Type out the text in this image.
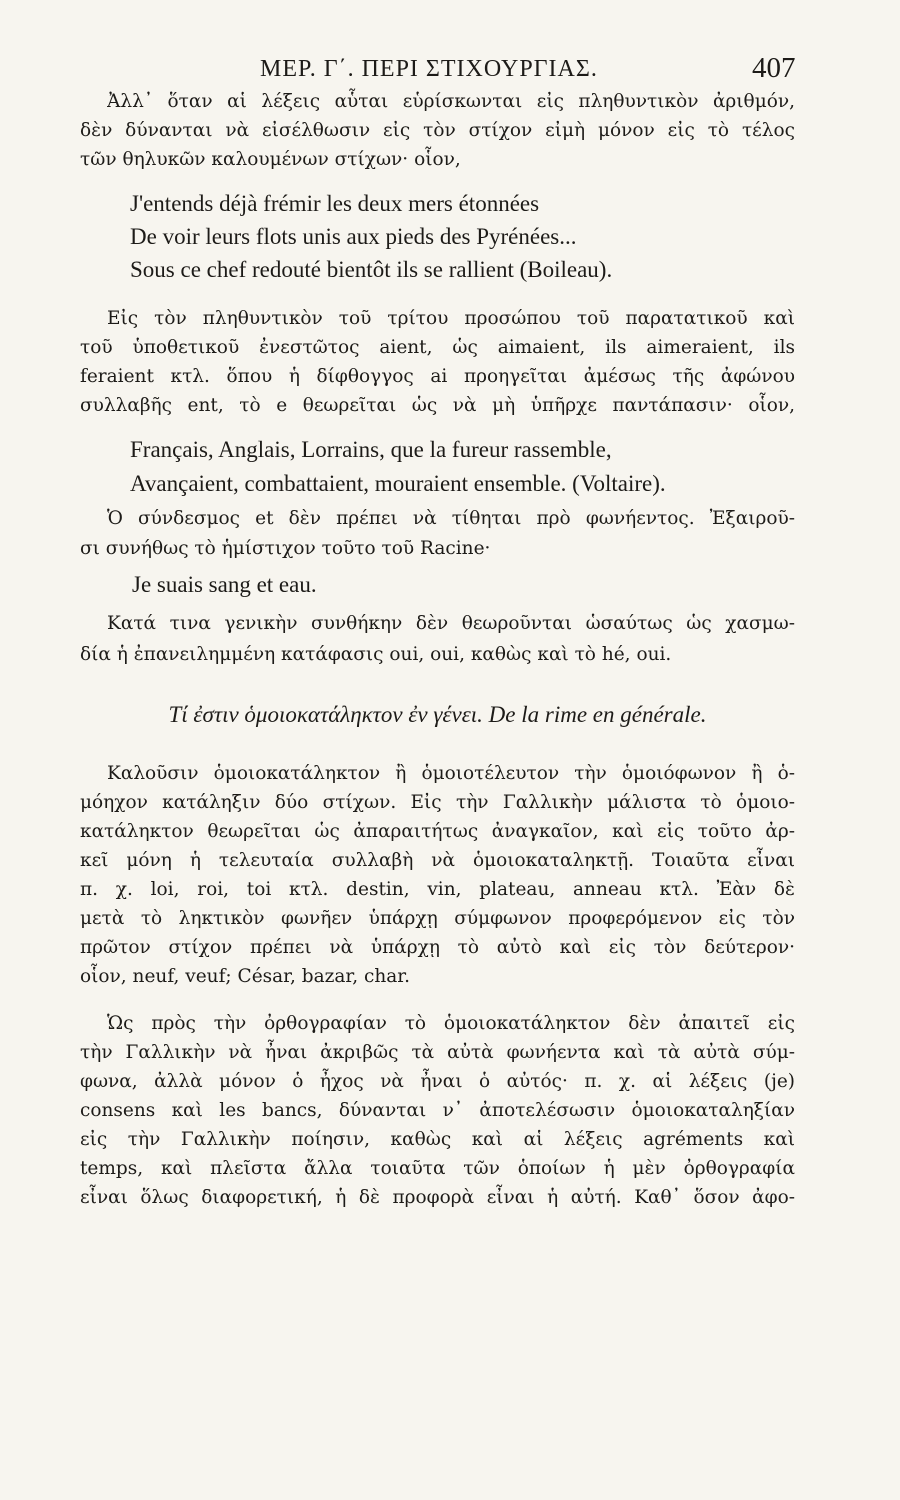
ΜΕΡ. Γ΄. ΠΕΡΙ ΣΤΙΧΟΥΡΓΙΑΣ.	407
Ἀλλ᾽ ὅταν αἱ λέξεις αὗται εὑρίσκωνται εἰς πληθυντικὸν ἀριθμόν,
δὲν δύνανται νὰ εἰσέλθωσιν εἰς τὸν στίχον εἰμὴ μόνον εἰς τὸ τέλος
τῶν θηλυκῶν καλουμένων στίχων· οἷον,
J'entends déjà frémir les deux mers étonnées
De voir leurs flots unis aux pieds des Pyrénées...
Sous ce chef redouté bientôt ils se rallient (Boileau).
Εἰς τὸν πληθυντικὸν τοῦ τρίτου προσώπου τοῦ παρατατικοῦ καὶ
τοῦ ὑποθετικοῦ ἐνεστῶτος aient, ὡς aimaient, ils aimeraient, ils
feraient κτλ. ὅπου ἡ δίφθογγος ai προηγεῖται ἀμέσως τῆς ἀφώνου
συλλαβῆς ent, τὸ e θεωρεῖται ὡς νὰ μὴ ὑπῆρχε παντάπασιν· οἷον,
Français, Anglais, Lorrains, que la fureur rassemble,
Avançaient, combattaient, mouraient ensemble. (Voltaire).
Ὁ σύνδεσμος et δὲν πρέπει νὰ τίθηται πρὸ φωνήεντος. Ἐξαιροῦ-
σι συνήθως τὸ ἡμίστιχον τοῦτο τοῦ Racine·
Je suais sang et eau.
Κατά τινα γενικὴν συνθήκην δὲν θεωροῦνται ὡσαύτως ὡς χασμω-
δία ἡ ἐπανειλημμένη κατάφασις oui, oui, καθὼς καὶ τὸ hé, oui.
Τί ἐστιν ὁμοιοκατάληκτον ἐν γένει. De la rime en générale.
Καλοῦσιν ὁμοιοκατάληκτον ἢ ὁμοιοτέλευτον τὴν ὁμοιόφωνον ἢ ὁ-
μόηχον κατάληξιν δύο στίχων. Εἰς τὴν Γαλλικὴν μάλιστα τὸ ὁμοιο-
κατάληκτον θεωρεῖται ὡς ἀπαραιτήτως ἀναγκαῖον, καὶ εἰς τοῦτο ἀρ-
κεῖ μόνη ἡ τελευταία συλλαβὴ νὰ ὁμοιοκαταληκτῇ. Τοιαῦτα εἶναι
π. χ. loi, roi, toi κτλ. destin, vin, plateau, anneau κτλ. Ἐὰν δὲ
μετὰ τὸ ληκτικὸν φωνῆεν ὑπάρχῃ σύμφωνον προφερόμενον εἰς τὸν
πρῶτον στίχον πρέπει νὰ ὑπάρχῃ τὸ αὐτὸ καὶ εἰς τὸν δεύτερον·
οἷον, neuf, veuf; César, bazar, char.
Ὡς πρὸς τὴν ὀρθογραφίαν τὸ ὁμοιοκατάληκτον δὲν ἀπαιτεῖ εἰς
τὴν Γαλλικὴν νὰ ἦναι ἀκριβῶς τὰ αὐτὰ φωνήεντα καὶ τὰ αὐτὰ σύμ-
φωνα, ἀλλὰ μόνον ὁ ἦχος νὰ ἦναι ὁ αὐτός· π. χ. αἱ λέξεις (je)
consens καὶ les bancs, δύνανται ν᾽ ἀποτελέσωσιν ὁμοιοκαταληξίαν
εἰς τὴν Γαλλικὴν ποίησιν, καθὼς καὶ αἱ λέξεις agréments καὶ
temps, καὶ πλεῖστα ἄλλα τοιαῦτα τῶν ὁποίων ἡ μὲν ὀρθογραφία
εἶναι ὅλως διαφορετική, ἡ δὲ προφορὰ εἶναι ἡ αὐτή. Καθ᾽ ὅσον ἀφο-
